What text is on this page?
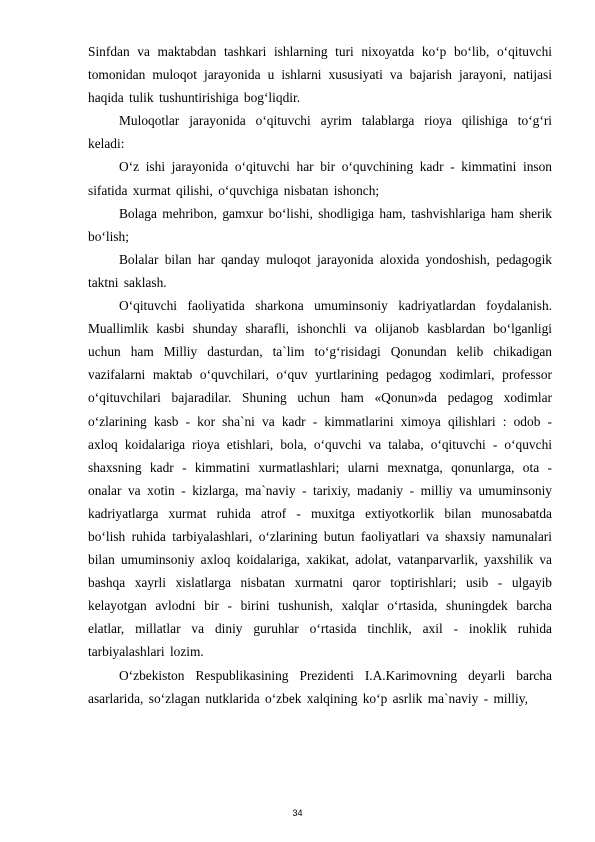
Sinfdan va maktabdan tashkari ishlarning turi nixoyatda ko‘p bo‘lib, o‘qituvchi tomonidan muloqot jarayonida u ishlarni xususiyati va bajarish jarayoni, natijasi haqida tulik tushuntirishiga bog‘liqdir.

Muloqotlar jarayonida o‘qituvchi ayrim talablarga rioya qilishiga to‘g‘ri keladi:

O‘z ishi jarayonida o‘qituvchi har bir o‘quvchining kadr - kimmatini inson sifatida xurmat qilishi, o‘quvchiga nisbatan ishonch;

Bolaga mehribon, gamxur bo‘lishi, shodligiga ham, tashvishlariga ham sherik bo‘lish;

Bolalar bilan har qanday muloqot jarayonida aloxida yondoshish, pedagogik taktni saklash.

O‘qituvchi faoliyatida sharkona umuminsoniy kadriyatlardan foydalanish. Muallimlik kasbi shunday sharafli, ishonchli va olijanob kasblardan bo‘lganligi uchun ham Milliy dasturdan, ta`lim to‘g‘risidagi Qonundan kelib chikadigan vazifalarni maktab o‘quvchilari, o‘quv yurtlarining pedagog xodimlari, professor o‘qituvchilari bajaradilar. Shuning uchun ham «Qonun»da pedagog xodimlar o‘zlarining kasb - kor sha`ni va kadr - kimmatlarini ximoya qilishlari : odob - axloq koidalariga rioya etishlari, bola, o‘quvchi va talaba, o‘qituvchi - o‘quvchi shaxsning kadr - kimmatini xurmatlashlari; ularni mexnatga, qonunlarga, ota - onalar va xotin - kizlarga, ma`naviy - tarixiy, madaniy - milliy va umuminsoniy kadriyatlarga xurmat ruhida atrof - muxitga extiyotkorlik bilan munosabatda bo‘lish ruhida tarbiyalashlari, o‘zlarining butun faoliyatlari va shaxsiy namunalari bilan umuminsoniy axloq koidalariga, xakikat, adolat, vatanparvarlik, yaxshilik va bashqa xayrli xislatlarga nisbatan xurmatni qaror toptirishlari; usib - ulgayib kelayotgan avlodni bir - birini tushunish, xalqlar o‘rtasida, shuningdek barcha elatlar, millatlar va diniy guruhlar o‘rtasida tinchlik, axil - inoklik ruhida tarbiyalashlari lozim.

O‘zbekiston Respublikasining Prezidenti I.A.Karimovning deyarli barcha asarlarida, so‘zlagan nutklarida o‘zbek xalqining ko‘p asrlik ma`naviy - milliy,

34
